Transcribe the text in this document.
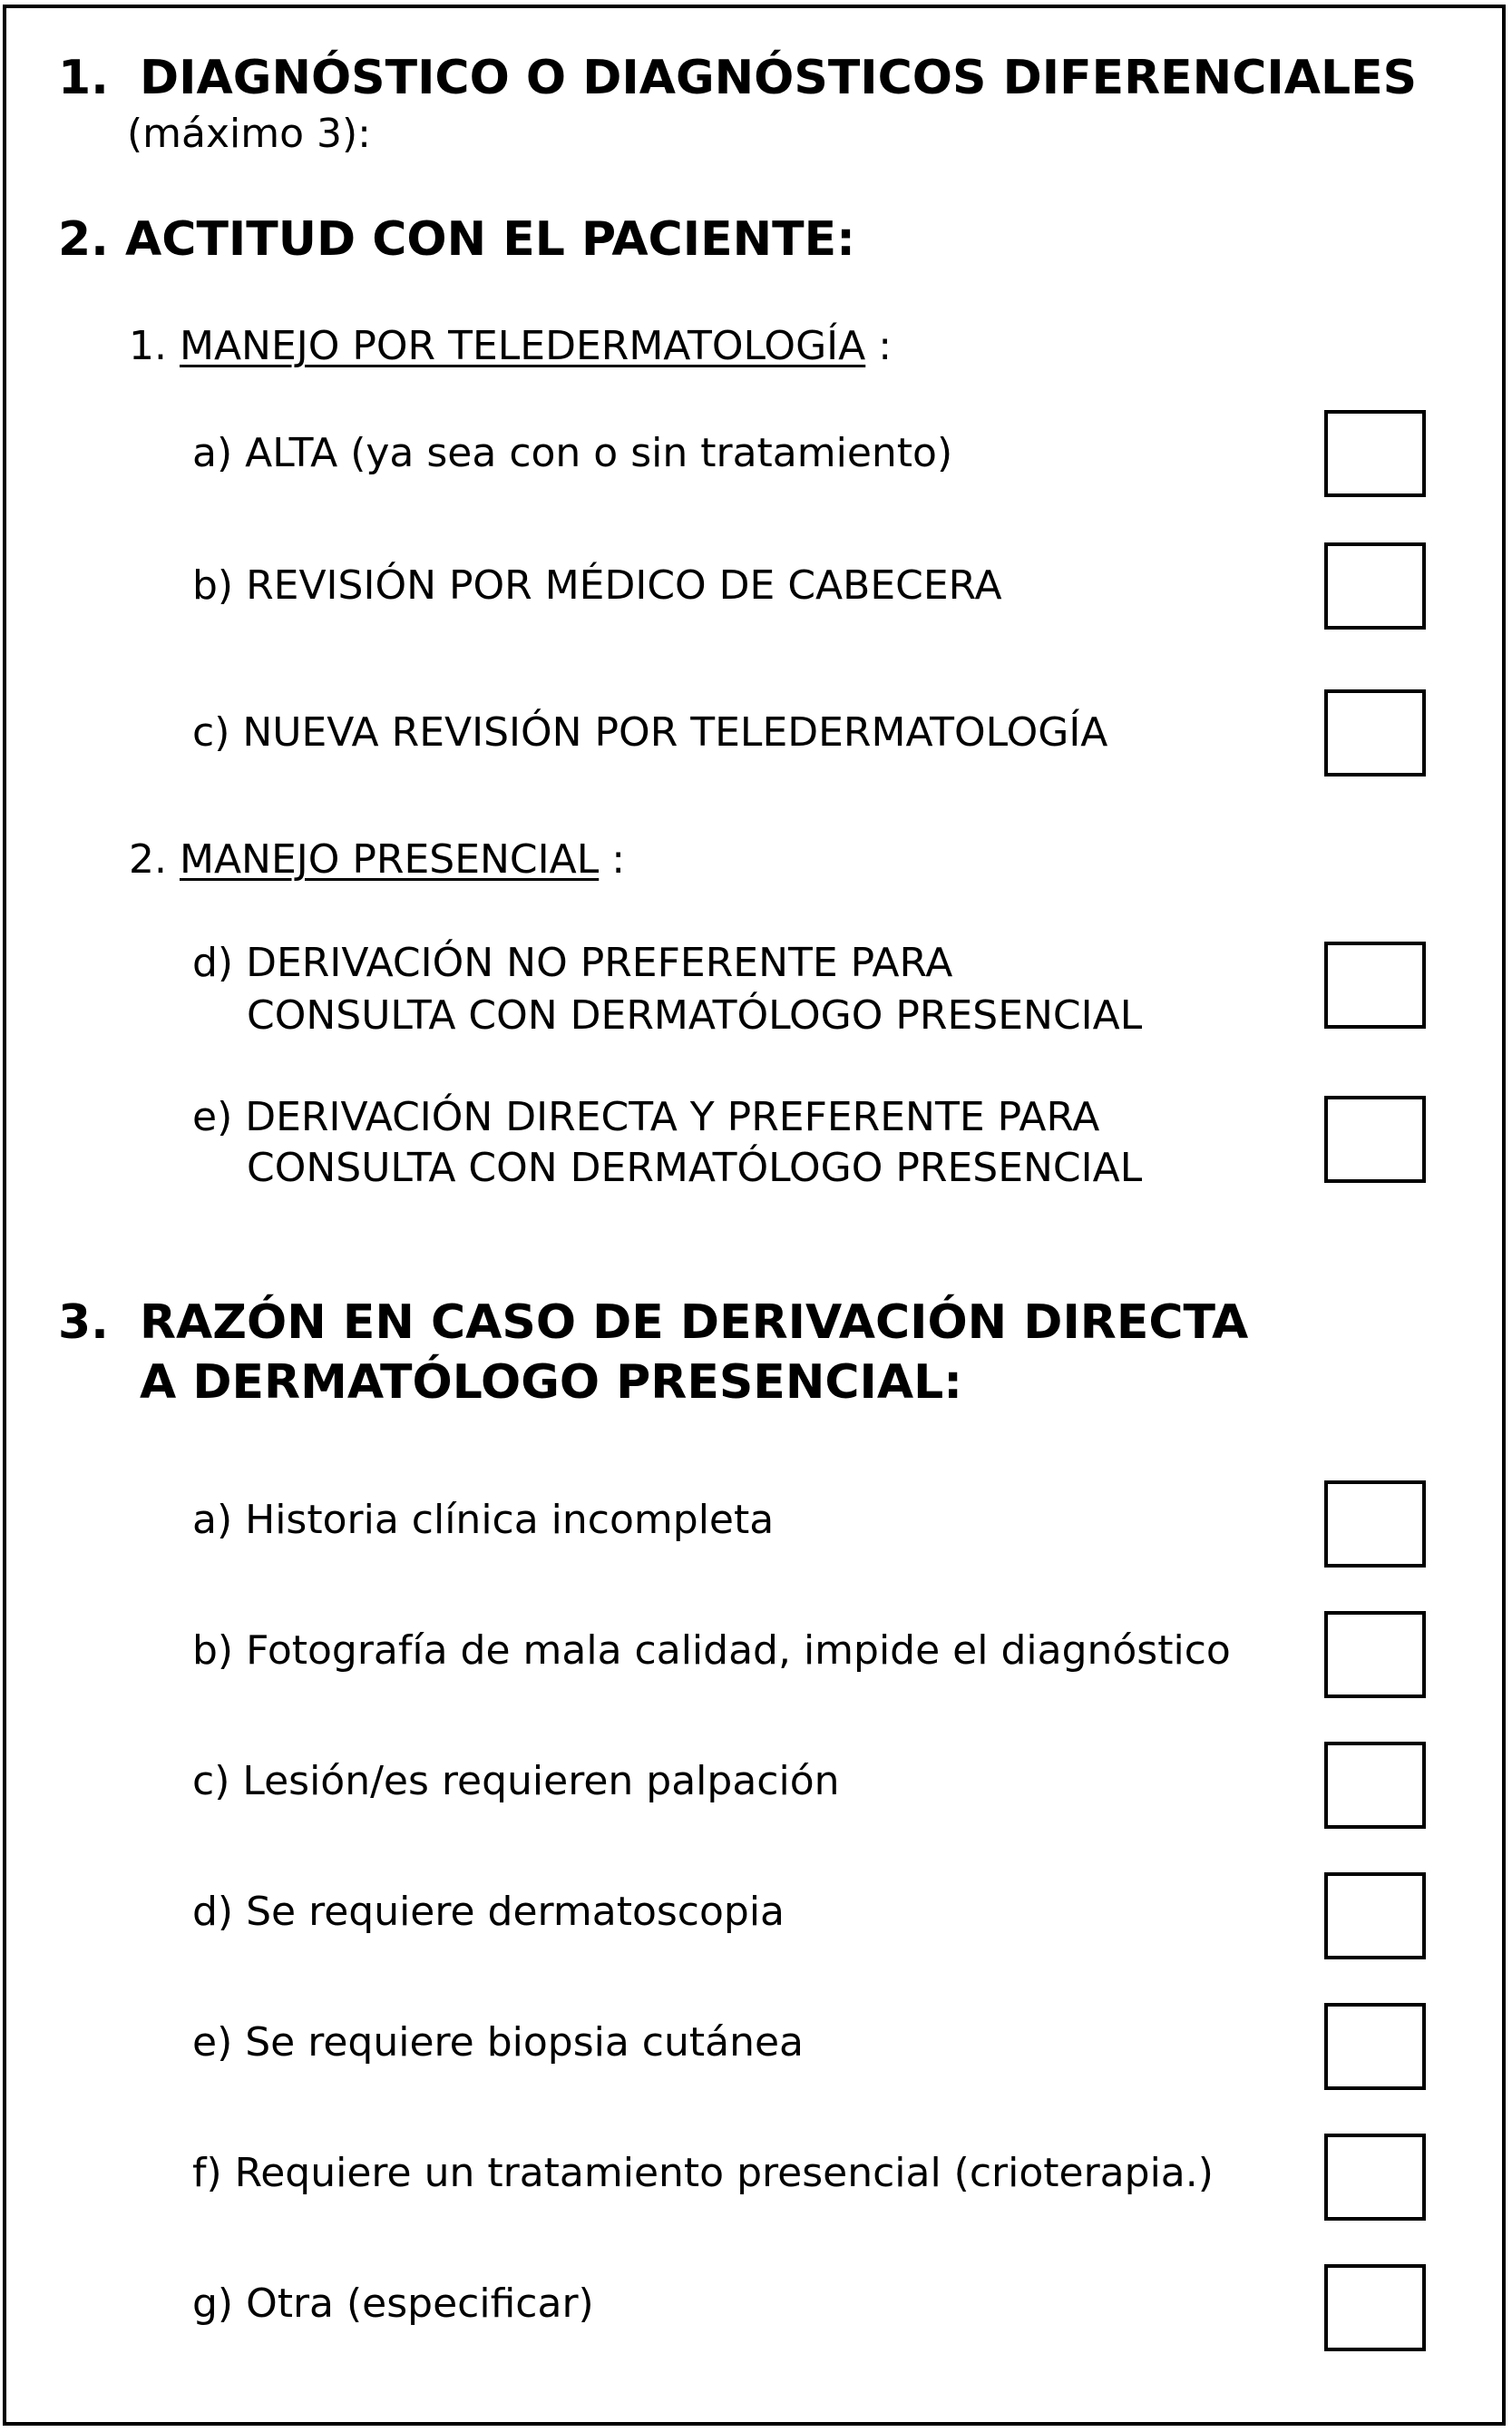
1. DIAGNÓSTICO O DIAGNÓSTICOS DIFERENCIALES
(máximo 3):
2. ACTITUD CON EL PACIENTE:
1. MANEJO POR TELEDERMATOLOGÍA :
a) ALTA (ya sea con o sin tratamiento)
b) REVISIÓN POR MÉDICO DE CABECERA
c) NUEVA REVISIÓN POR TELEDERMATOLOGÍA
2. MANEJO PRESENCIAL :
d) DERIVACIÓN NO PREFERENTE PARA
CONSULTA CON DERMATÓLOGO PRESENCIAL
e) DERIVACIÓN DIRECTA Y PREFERENTE PARA
CONSULTA CON DERMATÓLOGO PRESENCIAL
3. RAZÓN EN CASO DE DERIVACIÓN DIRECTA
A DERMATÓLOGO PRESENCIAL:
a) Historia clínica incompleta
b) Fotografía de mala calidad, impide el diagnóstico
c) Lesión/es requieren palpación
d) Se requiere dermatoscopia
e) Se requiere biopsia cutánea
f) Requiere un tratamiento presencial (crioterapia.)
g) Otra (especificar)
